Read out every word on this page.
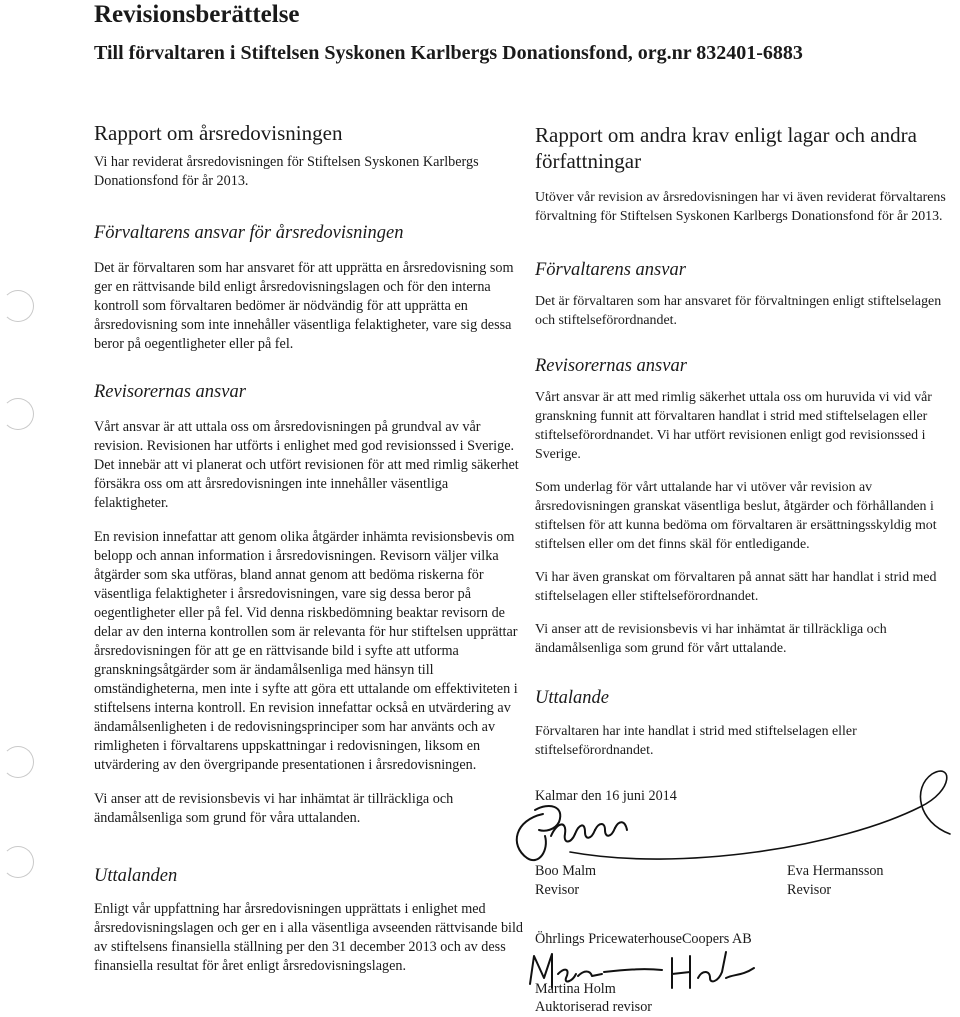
Revisionsberättelse
Till förvaltaren i Stiftelsen Syskonen Karlbergs Donationsfond, org.nr 832401-6883
Rapport om årsredovisningen

Vi har reviderat årsredovisningen för Stiftelsen Syskonen Karlbergs Donationsfond för år 2013.

Förvaltarens ansvar för årsredovisningen

Det är förvaltaren som har ansvaret för att upprätta en årsredovisning som ger en rättvisande bild enligt årsredovisningslagen och för den interna kontroll som förvaltaren bedömer är nödvändig för att upprätta en årsredovisning som inte innehåller väsentliga felaktigheter, vare sig dessa beror på oegentligheter eller på fel.

Revisorernas ansvar

Vårt ansvar är att uttala oss om årsredovisningen på grundval av vår revision. Revisionen har utförts i enlighet med god revisionssed i Sverige. Det innebär att vi planerat och utfört revisionen för att med rimlig säkerhet försäkra oss om att årsredovisningen inte innehåller väsentliga felaktigheter.

En revision innefattar att genom olika åtgärder inhämta revisionsbevis om belopp och annan information i årsredovisningen. Revisorn väljer vilka åtgärder som ska utföras, bland annat genom att bedöma riskerna för väsentliga felaktigheter i årsredovisningen, vare sig dessa beror på oegentligheter eller på fel. Vid denna riskbedömning beaktar revisorn de delar av den interna kontrollen som är relevanta för hur stiftelsen upprättar årsredovisningen för att ge en rättvisande bild i syfte att utforma granskningsåtgärder som är ändamålsenliga med hänsyn till omständigheterna, men inte i syfte att göra ett uttalande om effektiviteten i stiftelsens interna kontroll. En revision innefattar också en utvärdering av ändamålsenligheten i de redovisningsprinciper som har använts och av rimligheten i förvaltarens uppskattningar i redovisningen, liksom en utvärdering av den övergripande presentationen i årsredovisningen.

Vi anser att de revisionsbevis vi har inhämtat är tillräckliga och ändamålsenliga som grund för våra uttalanden.

Uttalanden

Enligt vår uppfattning har årsredovisningen upprättats i enlighet med årsredovisningslagen och ger en i alla väsentliga avseenden rättvisande bild av stiftelsens finansiella ställning per den 31 december 2013 och av dess finansiella resultat för året enligt årsredovisningslagen.

Rapport om andra krav enligt lagar och andra författningar

Utöver vår revision av årsredovisningen har vi även reviderat förvaltarens förvaltning för Stiftelsen Syskonen Karlbergs Donationsfond för år 2013.

Förvaltarens ansvar

Det är förvaltaren som har ansvaret för förvaltningen enligt stiftelselagen och stiftelseförordnandet.

Revisorernas ansvar

Vårt ansvar är att med rimlig säkerhet uttala oss om huruvida vi vid vår granskning funnit att förvaltaren handlat i strid med stiftelselagen eller stiftelseförordnandet. Vi har utfört revisionen enligt god revisionssed i Sverige.

Som underlag för vårt uttalande har vi utöver vår revision av årsredovisningen granskat väsentliga beslut, åtgärder och förhållanden i stiftelsen för att kunna bedöma om förvaltaren är ersättningsskyldig mot stiftelsen eller om det finns skäl för entledigande.

Vi har även granskat om förvaltaren på annat sätt har handlat i strid med stiftelselagen eller stiftelseförordnandet.

Vi anser att de revisionsbevis vi har inhämtat är tillräckliga och ändamålsenliga som grund för vårt uttalande.

Uttalande

Förvaltaren har inte handlat i strid med stiftelselagen eller stiftelseförordnandet.

Kalmar den 16 juni 2014
Boo Malm
Revisor
Eva Hermansson
Revisor
Öhrlings PricewaterhouseCoopers AB
Martina Holm
Auktoriserad revisor
